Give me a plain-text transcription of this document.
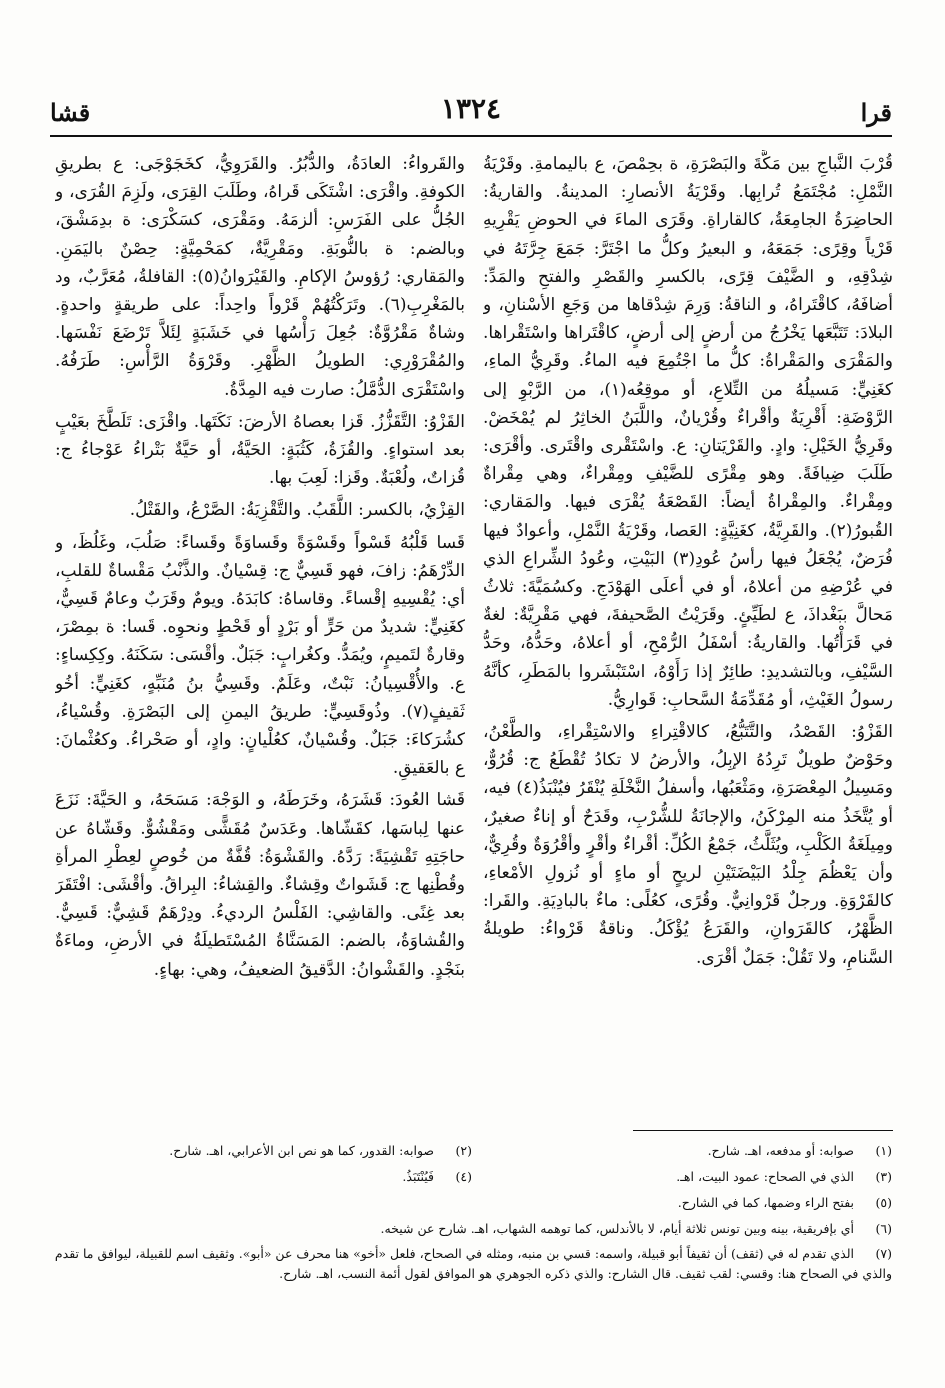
قرا
١٣٢٤
قشا

قُرْبَ النَّباجِ بين مَكَّةَ والبَصْرَةِ، ة بحِمْصَ، ع باليمامةِ. وقَرْيَةُ النَّمْلِ: مُجْتَمَعُ تُرابِها. وقَرْيَةُ الأنصارِ: المدينةُ. والقاريةُ: الحاضِرَةُ الجامِعَةُ، كالقاراةِ. وقَرَى الماءَ في الحوضِ يَقْرِيهِ قَرْياً وقِرًى: جَمَعَهُ، و البعيرُ وكلُّ ما اجْتَرَّ: جَمَعَ جِرَّتَهُ في شِدْقِهِ، و الضَّيْفَ قِرًى، بالكسرِ والقَصْرِ والفتحِ والمَدِّ: أضافَهُ، كاقْتَراهُ، و الناقةُ: وَرِمَ شِدْقاها من وَجَعِ الأسْنانِ، و البلادَ: تَتَبَّعَها يَخْرُجُ من أرضٍ إلى أرضٍ، كاقْتَراها واسْتَقْراها. والمَقْرَى والمَقْراةُ: كلُّ ما اجْتُمِعَ فيه الماءُ. وقَرِيُّ الماءِ، كغَنِيٍّ: مَسيلُهُ من التِّلاعِ، أو موقِعُه(١)، من الرَّبْوِ إلى الرَّوْضَةِ: أَقْرِيَةٌ وأقْراءٌ وقُرْيانٌ، واللَّبَنُ الخاثِرُ لم يُمْخَضْ. وقَرِيُّ الخَيْلِ: وادٍ. والقَرْيَتانِ: ع. واسْتَقْرى واقْتَرى. وأقْرَى: طَلَبَ ضِيافَةً. وهو مِقْرًى للضَّيْفِ ومِقْراءٌ، وهي مِقْراةٌ ومِقْراءٌ. والمِقْراةُ أيضاً: القَصْعَةُ يُقْرَى فيها. والمَقاري: القُبورُ(٢). والقَرِيَّةُ، كغَنِيَّةٍ: العَصا، وقَرْيَةُ النَّمْلِ، وأعوادٌ فيها فُرَضٌ، يُجْعَلُ فيها رأسُ عُودِ(٣) البَيْتِ، وعُودُ الشِّراعِ الذي في عُرْضِهِ من أعلاهُ، أو في أعلَى الهَوْدَجِ. وكسُمَيَّةَ: ثلاثُ مَحالَّ ببَغْداذَ، ع لطَيِّئٍ. وقَرَيْتُ الصَّحيفةَ، فهي مَقْرِيَّةٌ: لغةٌ في قَرَأْتُها. والقاريةُ: أسْفَلُ الرُّمْحِ، أو أعلاهُ، وحَدُّهُ، وحَدُّ السَّيْفِ، وبالتشديدِ: طائِرٌ إذا رَأَوْهُ، اسْتَبْشَروا بالمَطَرِ، كأنَّهُ رسولُ الغَيْثِ، أو مُقَدِّمَةُ السَّحابِ: قَوارِيُّ.

القَزْوُ: القَصْدُ، والتَّتَبُّعُ، كالاقْتِراءِ والاسْتِقْراءِ، والطَّعْنُ، وحَوْضٌ طويلٌ تَرِدُهُ الإبِلُ، والأرضُ لا تكادُ تُقْطَعُ ج: قُرُوٌّ، ومَسِيلُ المِعْصَرَةِ، ومَثْعَبُها، وأسفلُ النَّخْلَةِ يُنْقَرُ فيُنْبَذُ(٤) فيه، أو يُتَّخَذُ منه المِرْكَنُ، والإجانَةُ للشُّرْبِ، وقَدَحٌ أو إناءٌ صغيرٌ، ومِيلَغَةُ الكَلْبِ، ويُثَلَّثُ، جَمْعُ الكُلِّ: أقْراءٌ وأقْرٍ وأقْرُوَةٌ وقُرِيٌّ، وأن يَعْظُمَ جِلْدُ البَيْضَتَيْنِ لريحٍ أو ماءٍ أو نُزولِ الأمْعاءِ، كالقَرْوَةِ. ورجلٌ قَرْوانِيٌّ. وقُرًى، كعُلًى: ماءٌ بالبادِيَةِ. والقَرا: الظَّهْرُ، كالقَرَوانِ، والقَرَعُ يُؤْكَلُ. وناقةٌ قَرْواءُ: طويلةُ السَّنامِ، ولا تَقُلْ: جَمَلٌ أقْرَى.

والقَرواءُ: العادَةُ، والدُّبُرُ. والقَرَوِيُّ، كخَجَوْجَى: ع بطريقِ الكوفةِ. واقْرَى: اشْتَكَى قَراهُ، وطَلَبَ القِرَى، ولَزِمَ القُرَى، و الجُلُّ على الفَرَسِ: ألزمَهُ. ومَقْرَى، كسَكْرَى: ة بدِمَشْقَ، وبالضم: ة بالنُّوبَةِ. ومَقْرِيَّةٌ، كمَحْمِيَّةٍ: حِصْنٌ باليَمَنِ. والمَقاري: رُؤوسُ الإكامِ. والقَيْرَوانُ(٥): القافلةُ، مُعَرَّبٌ، ود بالمَغْرِبِ(٦). وتَرَكْتُهُمْ قَرْواً واحِداً: على طريقةٍ واحدةٍ. وشاةٌ مَقْرُوَّةٌ: جُعِلَ رَأْسُها في خَشَبَةٍ لِئَلاَّ تَرْضَعَ نَفْسَها. والمُقْرَوْرِي: الطويلُ الظَّهْرِ. وقَرْوَةُ الرَّأْسِ: طَرَفُهُ. واسْتَقْرَى الدُّمَّلُ: صارت فيه المِدَّةُ.

القَزْوُ: التَّقَزُّزُ. قَزا بعصاهُ الأرضَ: نَكَتَها. واقْزَى: تَلَطَّخَ بعَيْبٍ بعد استواءٍ. والقُزَةُ، كَثُبَةٍ: الحَيَّةُ، أو حَيَّةٌ بَتْراءُ عَوْجاءُ ج: قُزاتٌ، ولُعْبَةٌ. وقَزا: لَعِبَ بها.

القِزْيُ، بالكسر: اللَّقَبُ. والتَّقْزِيَةُ: الصَّرْعُ، والقَتْلُ.

قَسا قَلْبُهُ قَسْواً وقَسْوَةً وقَساوَةً وقَساءً: صَلُبَ، وغَلُظَ، و الدِّرْهَمُ: زافَ، فهو قَسِيٌّ ج: قِسْيانٌ. والذَّنْبُ مَقْساةٌ للقلبِ، أي: يُقْسِيهِ إقْساءً. وقاساهُ: كابَدَهُ. ويومٌ وقَرَبٌ وعامٌ قَسِيٌّ، كغَنِيٍّ: شديدٌ من حَرٍّ أو بَرْدٍ أو قَحْطٍ ونحوِه. قَسا: ة بمِصْرَ، وقارةٌ لتَميمٍ، ويُمَدُّ. وكغُرابٍ: جَبَلٌ. وأقْسَى: سَكَنَهُ. وكِكِساءٍ: ع. والأُقْسِيانُ: نَبْتٌ، وعَلَمٌ. وقَسِيُّ بنُ مُنَبِّهٍ، كغَنِيٍّ: أخُو ثَقيفٍ(٧). وذُوقَسِيٍّ: طريقُ اليمنِ إلى البَصْرَةِ. وقُسْياءُ، كشُرَكاءَ: جَبَلٌ. وقُسْيانٌ، كعُلْيانٍ: وادٍ، أو صَحْراءُ. وكعُثْمانَ: ع بالعَقيقِ.

قَشا العُودَ: قَشَرَهُ، وخَرَطَهُ، و الوَجْهَ: مَسَحَهُ، و الحَيَّةَ: نَزَعَ عنها لِباسَها، كقَشّاها. وعَدَسٌ مُقَشًّى ومَقْشُوٌّ. وقَشّاهُ عن حاجَتِهِ تَقْشِيَةً: رَدَّهُ. والقَشْوَةُ: قُفَّةٌ من خُوصٍ لعِطْرِ المرأةِ وقُطْنِها ج: قَشَواتٌ وقِشاءٌ. والقِشاءُ: البِراقُ. وأقْشَى: افْتَقَرَ بعد غِنًى. والقاشِي: الفَلْسُ الرديءُ. ودِرْهَمٌ قَشِيٌّ: قَسِيٌّ. والقُشاوَةُ، بالضم: المَسَنَّاةُ المُسْتَطيلَةُ في الأرضِ، وماءَةٌ بنَجْدٍ. والقَشْوانُ: الدَّقيقُ الضعيفُ، وهي: بهاءٍ.

(١) صوابه: أو مدفعه، اهـ. شارح.

(٢) صوابه: القدور، كما هو نص ابن الأعرابي، اهـ. شارح.

(٣) الذي في الصحاح: عمود البيت، اهـ.

(٤) فَيُنْتَبَذُ.

(٥) بفتح الراء وضمها، كما في الشارح.

(٦) أي بإفريقية، بينه وبين تونس ثلاثة أيام، لا بالأندلس، كما توهمه الشهاب، اهـ. شارح عن شيخه.

(٧) الذي تقدم له في (ثقف) أن ثقيفاً أبو قبيلة، واسمه: قسي بن منبه، ومثله في الصحاح، فلعل «أخو» هنا محرف عن «أبو». وثقيف اسم للقبيلة، ليوافق ما تقدم والذي في الصحاح هنا: وقسي: لقب ثقيف. قال الشارح: والذي ذكره الجوهري هو الموافق لقول أئمة النسب، اهـ. شارح.
